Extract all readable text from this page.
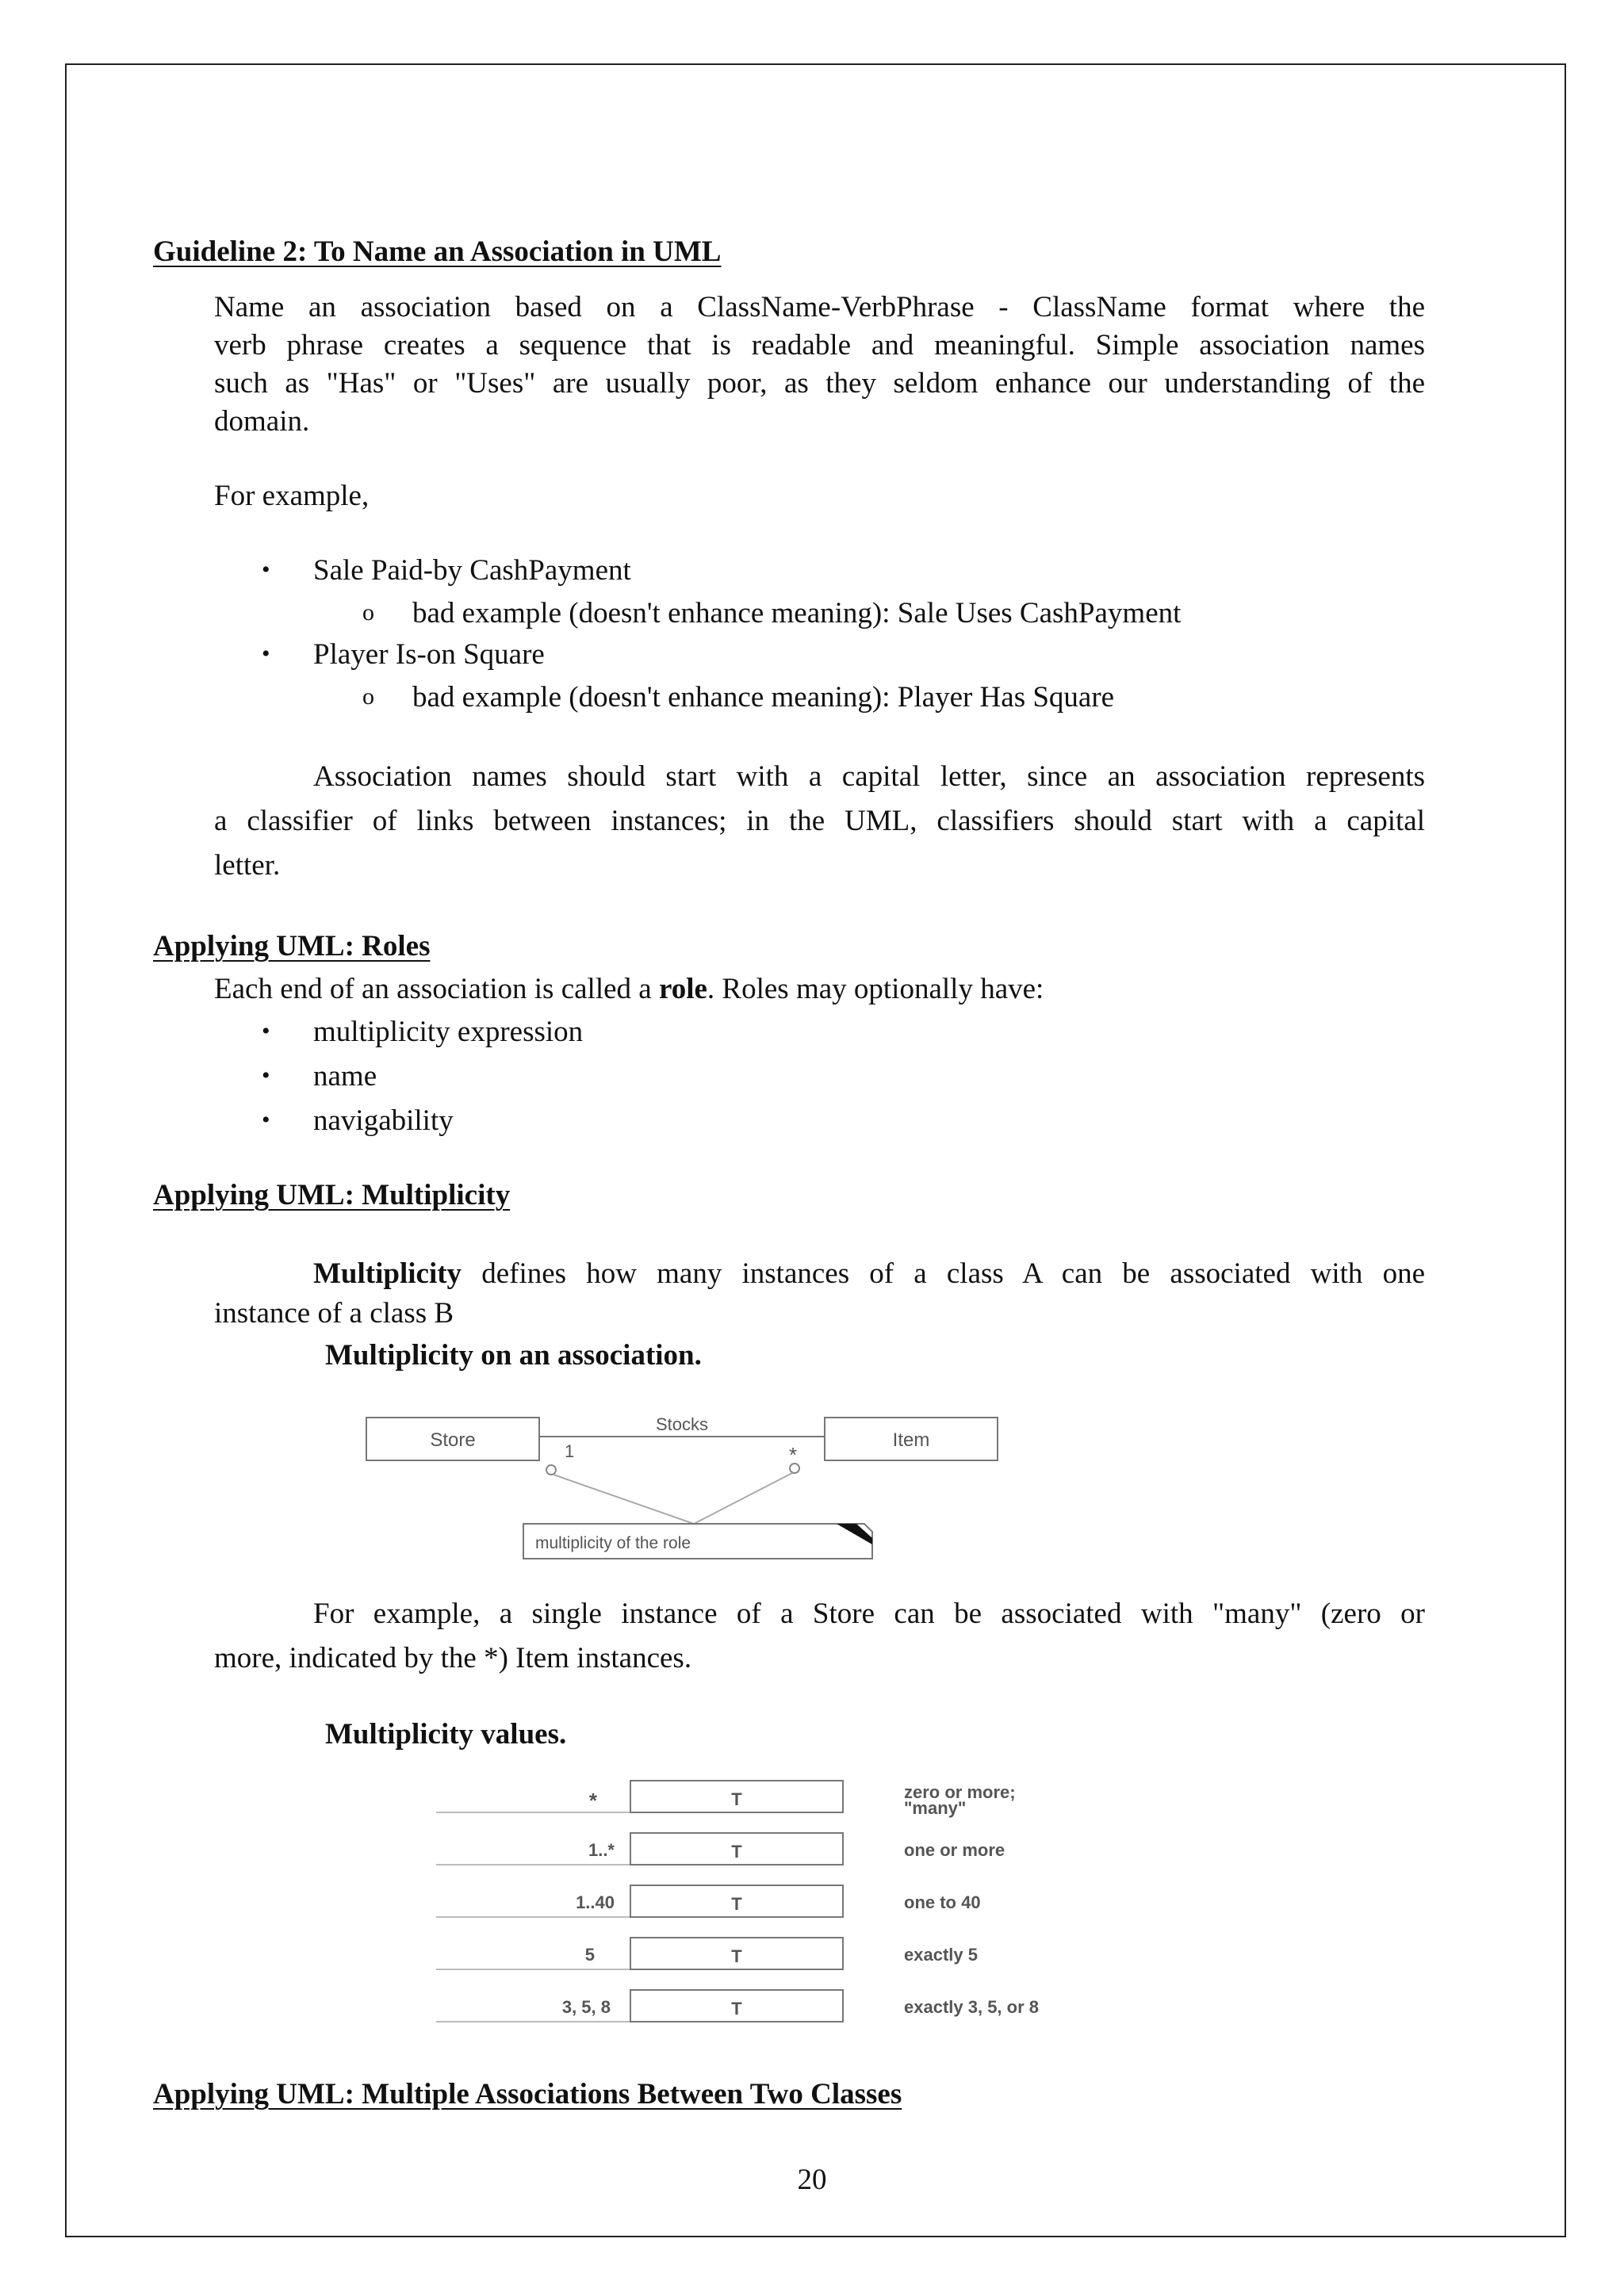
Guideline 2: To Name an Association in UML
Name an association based on a ClassName-VerbPhrase - ClassName format where the
verb phrase creates a sequence that is readable and meaningful. Simple association names
such as "Has" or "Uses" are usually poor, as they seldom enhance our understanding of the
domain.
For example,
• Sale Paid-by CashPayment
o bad example (doesn't enhance meaning): Sale Uses CashPayment
• Player Is-on Square
o bad example (doesn't enhance meaning): Player Has Square
Association names should start with a capital letter, since an association represents
a classifier of links between instances; in the UML, classifiers should start with a capital
letter.
Applying UML: Roles
Each end of an association is called a role. Roles may optionally have:
• multiplicity expression
• name
• navigability
Applying UML: Multiplicity
Multiplicity defines how many instances of a class A can be associated with one
instance of a class B
Multiplicity on an association.
Store	Item
Stocks
1	*
multiplicity of the role
For example, a single instance of a Store can be associated with "many" (zero or
more, indicated by the *) Item instances.
Multiplicity values.
*	T	zero or more;
"many"
1..*	T	one or more
1..40	T	one to 40
5	T	exactly 5
3, 5, 8	T	exactly 3, 5, or 8
Applying UML: Multiple Associations Between Two Classes
20
